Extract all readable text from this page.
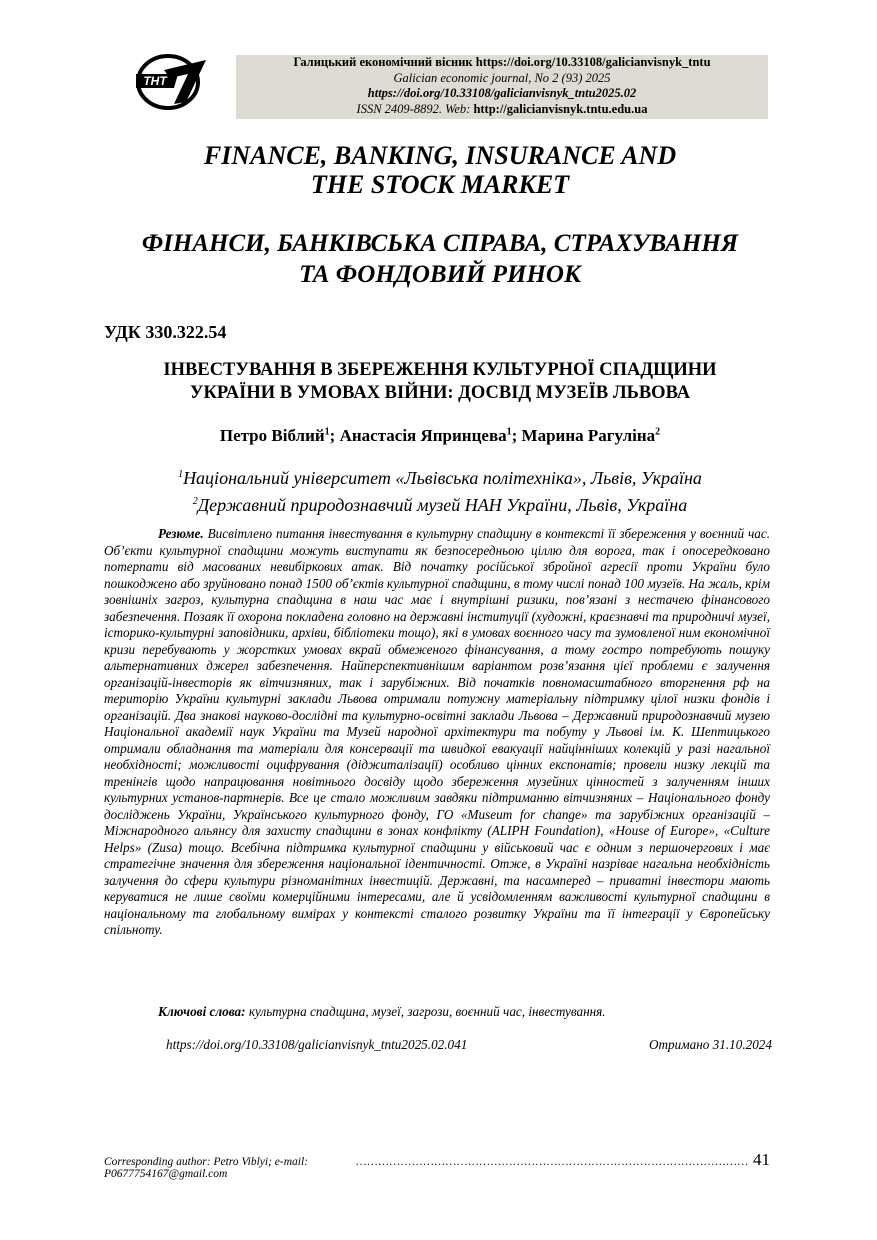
ТНТ
Галицький економічний вісник https://doi.org/10.33108/galicianvisnyk_tntu
Galician economic journal, No 2 (93) 2025
https://doi.org/10.33108/galicianvisnyk_tntu2025.02
ISSN 2409-8892. Web: http://galicianvisnyk.tntu.edu.ua
FINANCE, BANKING, INSURANCE AND
THE STOCK MARKET
ФІНАНСИ, БАНКІВСЬКА СПРАВА, СТРАХУВАННЯ
ТА ФОНДОВИЙ РИНОК
УДК 330.322.54
ІНВЕСТУВАННЯ В ЗБЕРЕЖЕННЯ КУЛЬТУРНОЇ СПАДЩИНИ
УКРАЇНИ В УМОВАХ ВІЙНИ: ДОСВІД МУЗЕЇВ ЛЬВОВА
Петро Віблий$^1$; Анастасія Япринцева$^1$; Марина Рагуліна$^2$
$^1$Національний університет «Львівська політехніка», Львів, Україна
$^2$Державний природознавчий музей НАН України, Львів, Україна

Резюме. Висвітлено питання інвестування в культурну спадщину в контексті її збереження у воєнний час. Об’єкти культурної спадщини можуть виступати як безпосередньою ціллю для ворога, так і опосередковано потерпати від масованих невибіркових атак. Від початку російської збройної агресії проти України було пошкоджено або зруйновано понад 1500 об’єктів культурної спадщини, в тому числі понад 100 музеїв. На жаль, крім зовнішніх загроз, культурна спадщина в наш час має і внутрішні ризики, пов’язані з нестачею фінансового забезпечення. Позаяк її охорона покладена головно на державні інституції (художні, краєзнавчі та природничі музеї, історико-культурні заповідники, архіви, бібліотеки тощо), які в умовах воєнного часу та зумовленої ним економічної кризи перебувають у жорстких умовах вкрай обмеженого фінансування, а тому гостро потребують пошуку альтернативних джерел забезпечення. Найперспективнішим варіантом розв’язання цієї проблеми є залучення організацій-інвесторів як вітчизняних, так і зарубіжних. Від початків повномасштабного вторгнення рф на територію України культурні заклади Львова отримали потужну матеріальну підтримку цілої низки фондів і організацій. Два знакові науково-дослідні та культурно-освітні заклади Львова – Державний природознавчий музею Національної академії наук України та Музей народної архітектури та побуту у Львові ім. К. Шептицького отримали обладнання та матеріали для консервації та швидкої евакуації найцінніших колекцій у разі нагальної необхідності; можливості оцифрування (діджиталізації) особливо цінних експонатів; провели низку лекцій та тренінгів щодо напрацювання новітнього досвіду щодо збереження музейних цінностей з залученням інших культурних установ-партнерів. Все це стало можливим завдяки підтриманню вітчизняних – Національного фонду досліджень України, Українського культурного фонду, ГО «Museum for change» та зарубіжних організацій – Міжнародного альянсу для захисту спадщини в зонах конфлікту (ALIPH Foundation), «House of Europe», «Culture Helps» (Zusa) тощо. Всебічна підтримка культурної спадщини у військовий час є одним з першочергових і має стратегічне значення для збереження національної ідентичності. Отже, в Україні назріває нагальна необхідність залучення до сфери культури різноманітних інвестицій. Державні, та насамперед – приватні інвестори мають керуватися не лише своїми комерційними інтересами, але й усвідомленням важливості культурної спадщини в національному та глобальному вимірах у контексті сталого розвитку України та її інтеграції у Європейську спільноту.

Ключові слова: культурна спадщина, музеї, загрози, воєнний час, інвестування.

https://doi.org/10.33108/galicianvisnyk_tntu2025.02.041	Отримано 31.10.2024
Corresponding author: Petro Viblyi; e-mail: P0677754167@gmail.com
…………………………………………………………………………………………… 41
